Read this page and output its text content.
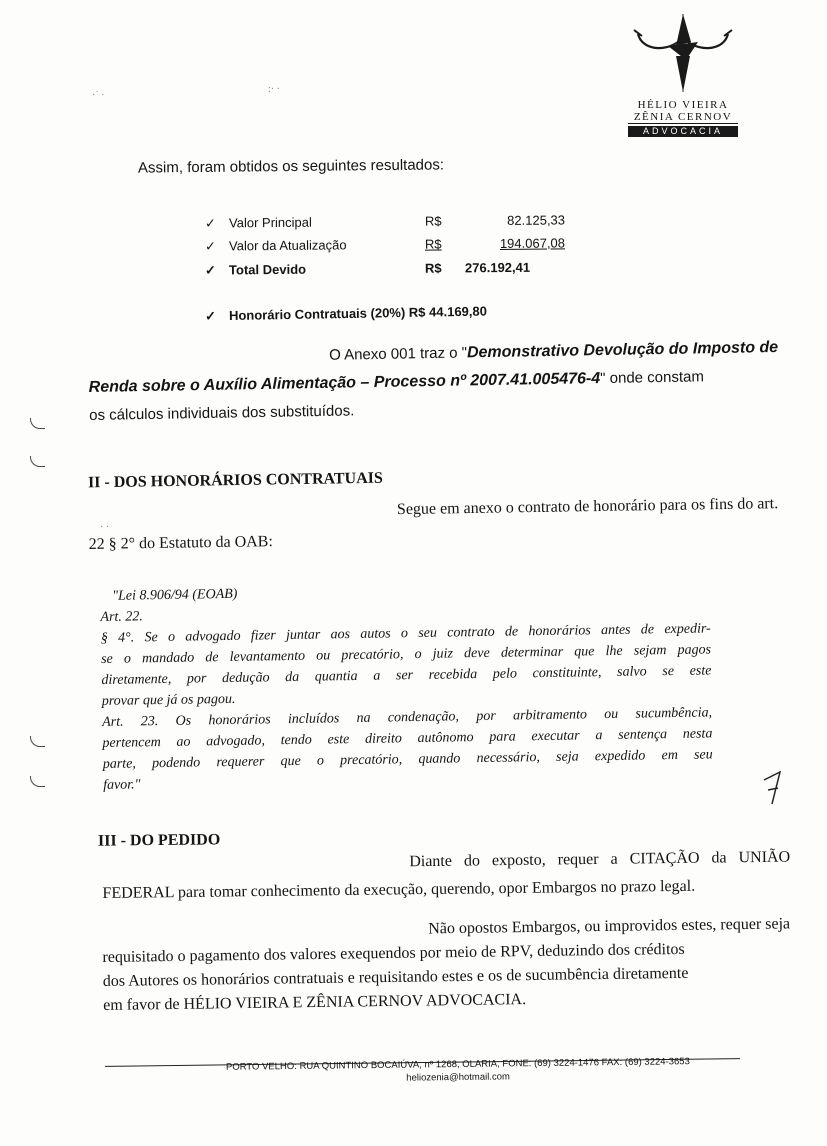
HÉLIO VIEIRA
ZÊNIA CERNOV
ADVOCACIA
·˙ ·
:· ·
· ·
Assim, foram obtidos os seguintes resultados:
✓ Valor Principal	R$	82.125,33
✓ Valor da Atualização	R$	194.067,08
✓ Total Devido	R$	276.192,41
✓ Honorário Contratuais (20%) R$ 44.169,80
O Anexo 001 traz o "Demonstrativo Devolução do Imposto de
Renda sobre o Auxílio Alimentação – Processo nº 2007.41.005476-4" onde constam
os cálculos individuais dos substituídos.
II - DOS HONORÁRIOS CONTRATUAIS
Segue em anexo o contrato de honorário para os fins do art.
22 § 2° do Estatuto da OAB:
"Lei 8.906/94 (EOAB)
Art. 22.
§ 4°. Se o advogado fizer juntar aos autos o seu contrato de honorários antes de expedir-
se o mandado de levantamento ou precatório, o juiz deve determinar que lhe sejam pagos
diretamente, por dedução da quantia a ser recebida pelo constituinte, salvo se este
provar que já os pagou.
Art. 23. Os honorários incluídos na condenação, por arbitramento ou sucumbência,
pertencem ao advogado, tendo este direito autônomo para executar a sentença nesta
parte, podendo requerer que o precatório, quando necessário, seja expedido em seu
favor."
III - DO PEDIDO
Diante do exposto, requer a CITAÇÃO da UNIÃO
FEDERAL para tomar conhecimento da execução, querendo, opor Embargos no prazo legal.
Não opostos Embargos, ou improvidos estes, requer seja
requisitado o pagamento dos valores exequendos por meio de RPV, deduzindo dos créditos
dos Autores os honorários contratuais e requisitando estes e os de sucumbência diretamente
em favor de HÉLIO VIEIRA E ZÊNIA CERNOV ADVOCACIA.
PORTO VELHO: RUA QUINTINO BOCAIÚVA, nº 1268, OLARIA, FONE: (69) 3224-1476 FAX: (69) 3224-3653
heliozenia@hotmail.com
